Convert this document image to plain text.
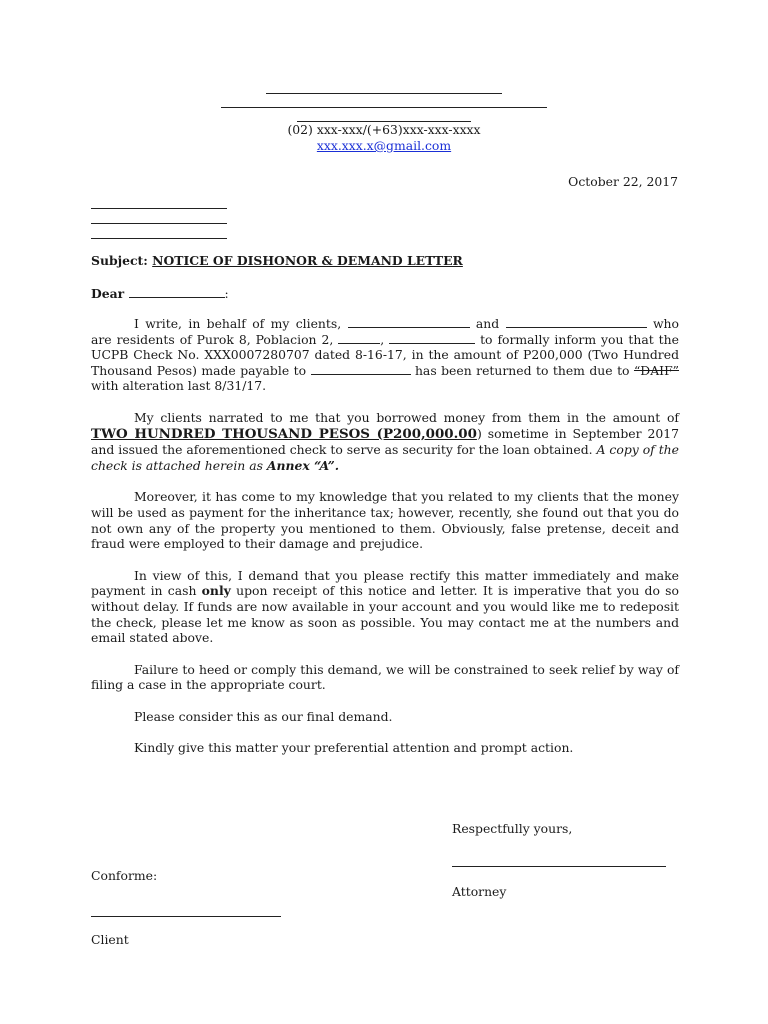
(02) xxx-xxx/(+63)xxx-xxx-xxxx
xxx.xxx.x@gmail.com
October 22, 2017
Subject: NOTICE OF DISHONOR & DEMAND LETTER
Dear	:

I write, in behalf of my clients,	and	who are residents of Purok 8, Poblacion 2,	,	to formally inform you that the UCPB Check No. XXX0007280707 dated 8-16-17, in the amount of P200,000 (Two Hundred Thousand Pesos) made payable to	has been returned to them due to “DAIF” with alteration last 8/31/17.

My clients narrated to me that you borrowed money from them in the amount of TWO HUNDRED THOUSAND PESOS (P200,000.00) sometime in September 2017 and issued the aforementioned check to serve as security for the loan obtained. A copy of the check is attached herein as Annex “A”.

Moreover, it has come to my knowledge that you related to my clients that the money will be used as payment for the inheritance tax; however, recently, she found out that you do not own any of the property you mentioned to them. Obviously, false pretense, deceit and fraud were employed to their damage and prejudice.

In view of this, I demand that you please rectify this matter immediately and make payment in cash only upon receipt of this notice and letter. It is imperative that you do so without delay. If funds are now available in your account and you would like me to redeposit the check, please let me know as soon as possible. You may contact me at the numbers and email stated above.

Failure to heed or comply this demand, we will be constrained to seek relief by way of filing a case in the appropriate court.

Please consider this as our final demand.

Kindly give this matter your preferential attention and prompt action.

Respectfully yours,
Attorney
Conforme:
Client
